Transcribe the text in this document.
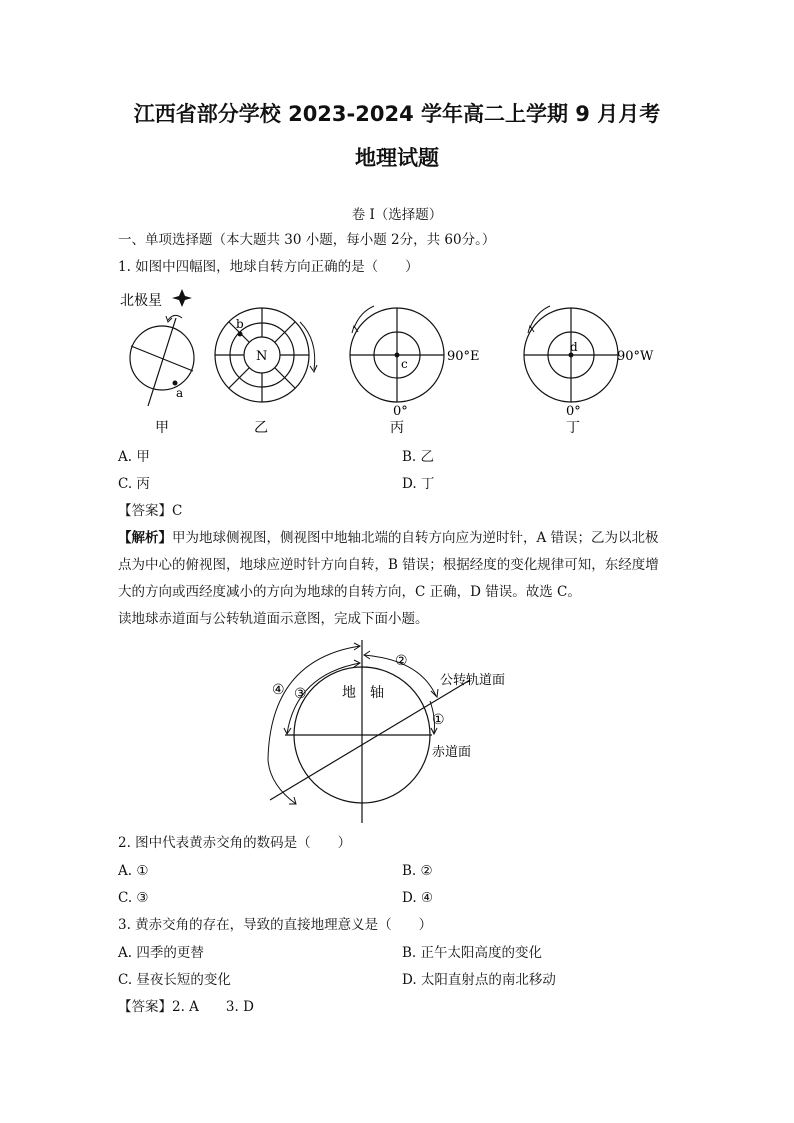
江西省部分学校 2023-2024 学年高二上学期 9 月月考
地理试题
卷 I（选择题）
一、单项选择题（本大题共 30 小题，每小题 2分，共 60分。）
1. 如图中四幅图，地球自转方向正确的是（　　）
北极星
a
甲
N
b
乙
c	90°E
0°
丙
d
90°W
0°
丁
A. 甲	B. 乙
C. 丙	D. 丁
【答案】C
【解析】甲为地球侧视图，侧视图中地轴北端的自转方向应为逆时针，A 错误；乙为以北极
点为中心的俯视图，地球应逆时针方向自转，B 错误；根据经度的变化规律可知，东经度增
大的方向或西经度减小的方向为地球的自转方向，C 正确，D 错误。故选 C。
读地球赤道面与公转轨道面示意图，完成下面小题。
地　轴
公转轨道面
赤道面
①
②
③
④
2. 图中代表黄赤交角的数码是（　　）
A. ①	B. ②
C. ③	D. ④
3. 黄赤交角的存在，导致的直接地理意义是（　　）
A. 四季的更替	B. 正午太阳高度的变化
C. 昼夜长短的变化	D. 太阳直射点的南北移动
【答案】2. A　　3. D
